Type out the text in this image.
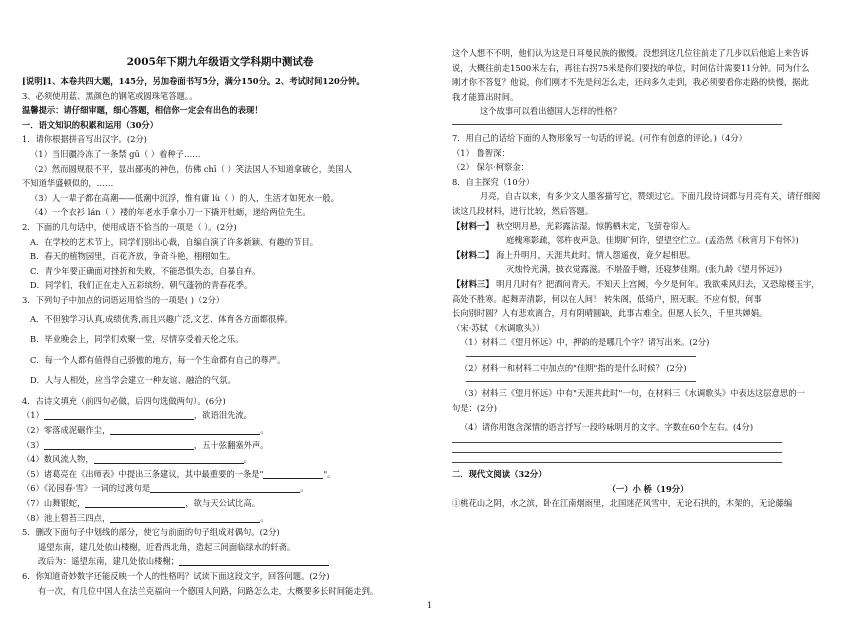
2005年下期九年级语文学科期中测试卷
[说明]1、本卷共四大题，145分，另加卷面书写5分，满分150分。2、考试时间120分钟。
3、必须使用蓝、黑颜色的钢笔或圆珠笔答题。。
温馨提示：请仔细审题，细心答题，相信你一定会有出色的表现！
一．语文知识的积累和运用（30分）
1．请你根据拼音写出汉字。(2分)
（1）当旧疆冷冻了一条禁 gū（ ）着种子……
（2）然而圆规很不平，显出鄙夷的神色，仿佛 chī（ ）笑法国人不知道拿破仑，美国人
不知道华盛顿似的，……
（3）人一辈子都在高潮——低潮中沉浮，惟有庸 lù（ ）的人，生活才如死水一般。
（4）一个衣衫 lán（ ）褛的年老水手拿小刀一下撬开牡蛎，递给两位先生。
2．下面的几句话中，使用成语不恰当的一项是（ ）。(2分)
A．在学校的艺术节上，同学们别出心裁，自编自演了许多新颖、有趣的节目。
B．春天的植物园里，百花齐放，争奇斗艳，栩栩如生。
C．青少年要正确面对挫折和失败，不能恐惧失态，自暴自弃。
D．同学们，我们正在走入五彩缤纷、朝气蓬勃的青春花季。
3．下列句子中加点的词语运用恰当的一项是( )（2分）
A．不但独学习认真,成绩优秀,而且兴趣广泛,文艺、体育各方面都很棒。
B．毕业晚会上，同学们欢聚一堂，尽情享受着天伦之乐。
C．每一个人都有值得自己骄傲的地方，每一个生命都有自己的尊严。
D．人与人相处，应当学会建立一种友谊、融洽的气氛。
4．古诗文填充（前四句必做，后四句选做两句）。(6分)
（1）	，欲语泪先流。
（2）零落成泥碾作尘，	。
（3）	，五十弦翻塞外声。
（4）数风流人物，	。
（5）诸葛亮在《出师表》中提出三条建议，其中最重要的一条是"	"。
（6）《沁园春·雪》一词的过渡句是	。
（7）山舞银蛇，	，欲与天公试比高。
（8）池上碧苔三四点，	。
5．删改下面句子中划线的部分，使它与前面的句子组成对偶句。(2分)
遥望东南，建几处依山楼榭，近看西北角，造起三间面临绿水的轩斋。
改后为：遥望东南，建几处依山楼榭；
6．你知道奇妙数字还能反映一个人的性格吗？试读下面这段文字，回答问题。(2分)
有一次，有几位中国人在法兰克福向一个德国人问路，问路怎么走，大概要多长时间能走到。
这个人想不不明，他们认为这是日耳曼民族的傲慢。没想到这几位往前走了几步以后他追上来告诉
说，大概往前走1500米左右，再往右拐75米是你们要找的单位，时间估计需要11分钟。同为什么
刚才你不答复？他说，你们刚才不先是问怎么走，还问多久走到，我必须要看你走路的快慢，据此
我才能算出时间。
这个故事可以看出德国人怎样的性格？
7．用自己的话给下面的人物形象写一句话的评说。(可作有创意的评论。)（4分）
（1） 鲁智深：
（2） 保尔·柯察金：
8．自主探究（10分）
月亮，自古以来，有多少文人墨客描写它，赞颂过它。下面几段诗词都与月亮有关，请仔细阅
读这几段材料，进行比较，然后答题。
【材料一】 秋空明月悬，光彩露沾湿。惊鹊栖未定，飞萤卷帘入。
庭槐寒影疏，邻杵夜声急。佳期旷何许，望望空伫立。(孟浩然《秋宵月下有怀》)
【材料二】 海上升明月，天涯共此时。情人怨遥夜，竟夕起相思。
灭烛怜光满，披衣觉露滋。不堪盈手赠，还寝梦佳期。(张九龄《望月怀远》)
【材料三】 明月几时有？把酒问青天。不知天上宫阙，今夕是何年。我欲乘风归去，又恐琼楼玉宇，
高处不胜寒。起舞弄清影，何以在人间！ 转朱阁，低绮户，照无眠。不应有恨，何事
长向别时圆？人有悲欢离合，月有阴晴圆缺，此事古难全。但愿人长久，千里共婵娟。
（宋·苏轼 《水调歌头》）
（1）材料二《望月怀远》中，押韵的是哪几个字？请写出来。(2分)
（2）材料一和材料二中加点的"佳期"指的是什么时候？ (2分)
（3）材料三《望月怀远》中有"天涯共此时"一句，在材料三《水调歌头》中表达这层意思的一
句是：(2分)
（4）请你用饱含深情的语言抒写一段吟咏明月的文字。字数在60个左右。(4分)
二．现代文阅读（32分）
（一）小 桥（19分）
①桃花山之阴，水之滨，卧在江南烟雨里，北国迷茫风雪中，无论石拱的，木架的，无论藤编
1
